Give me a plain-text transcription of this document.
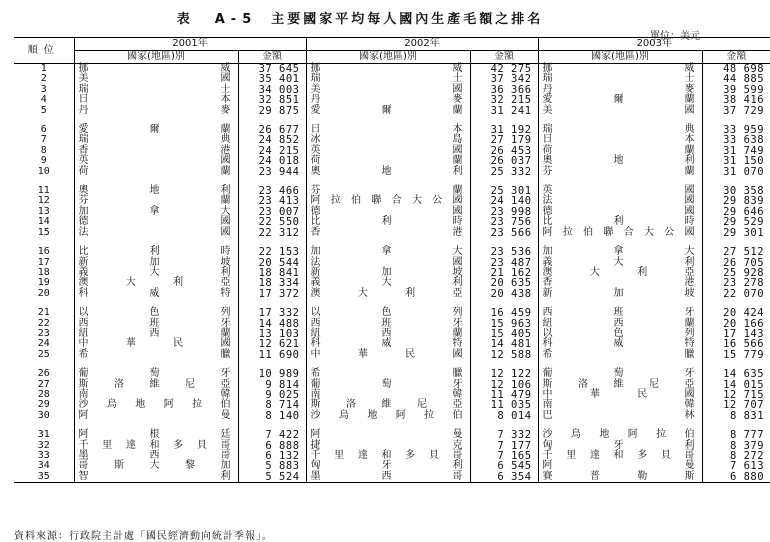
表　A-5 主要國家平均每人國內生產毛額之排名
單位：美元
順位	2001年		2002年		2003年	
	國家(地區)別	金額	國家(地區)別	金額	國家(地區)別	金額
1	挪威	37 645	挪威	42 275	挪威	48 698
2	美國	35 401	瑞士	37 342	瑞士	44 885
3	瑞士	34 003	美國	36 366	丹麥	39 599
4	日本	32 851	丹麥	32 215	愛爾蘭	38 416
5	丹麥	29 875	愛爾蘭	31 241	美國	37 729

6	愛爾蘭	26 677	日本	31 192	瑞典	33 959
7	瑞典	24 852	冰島	27 179	日本	33 638
8	香港	24 215	英國	26 453	荷蘭	31 749
9	英國	24 018	荷蘭	26 037	奧地利	31 150
10	荷蘭	23 944	奧地利	25 332	芬蘭	31 070

11	奧地利	23 466	芬蘭	25 301	英國	30 358
12	芬蘭	23 413	阿拉伯聯合大公國	24 140	法國	29 839
13	加拿大	23 007	德國	23 998	德國	29 646
14	德國	22 550	比利時	23 756	比利時	29 529
15	法國	22 312	香港	23 566	阿拉伯聯合大公國	29 301

16	比利時	22 153	加拿大	23 536	加拿大	27 512
17	新加坡	20 544	法國	23 487	義大利	26 705
18	義大利	18 841	新加坡	21 162	澳大利亞	25 928
19	澳大利亞	18 334	義大利	20 635	香港	23 278
20	科威特	17 372	澳大利亞	20 438	新加坡	22 070

21	以色列	17 332	以色列	16 459	西班牙	20 424
22	西班牙	14 488	西班牙	15 963	紐西蘭	20 166
23	紐西蘭	13 103	紐西蘭	15 405	以色列	17 143
24	中華民國	12 621	科威特	14 481	科威特	16 566
25	希臘	11 690	中華民國	12 588	希臘	15 779

26	葡萄牙	10 989	希臘	12 122	葡萄牙	14 635
27	斯洛維尼亞	9 814	葡萄牙	12 106	斯洛維尼亞	14 015
28	南韓	9 025	南韓	11 479	中華民國	12 715
29	沙烏地阿拉伯	8 714	斯洛維尼亞	11 035	南韓	12 707
30	阿曼	8 140	沙烏地阿拉伯	8 014	巴林	8 831

31	阿根廷	7 422	阿曼	7 332	沙烏地阿拉伯	8 777
32	千里達和多貝哥	6 888	捷克	7 177	匈牙利	8 379
33	墨西哥	6 132	千里達和多貝哥	7 165	千里達和多貝哥	8 272
34	哥斯大黎加	5 883	匈牙利	6 545	阿曼	7 613
35	智利	5 524	墨西哥	6 354	賽普勒斯	6 880
資料來源：行政院主計處「國民經濟動向統計季報」。
